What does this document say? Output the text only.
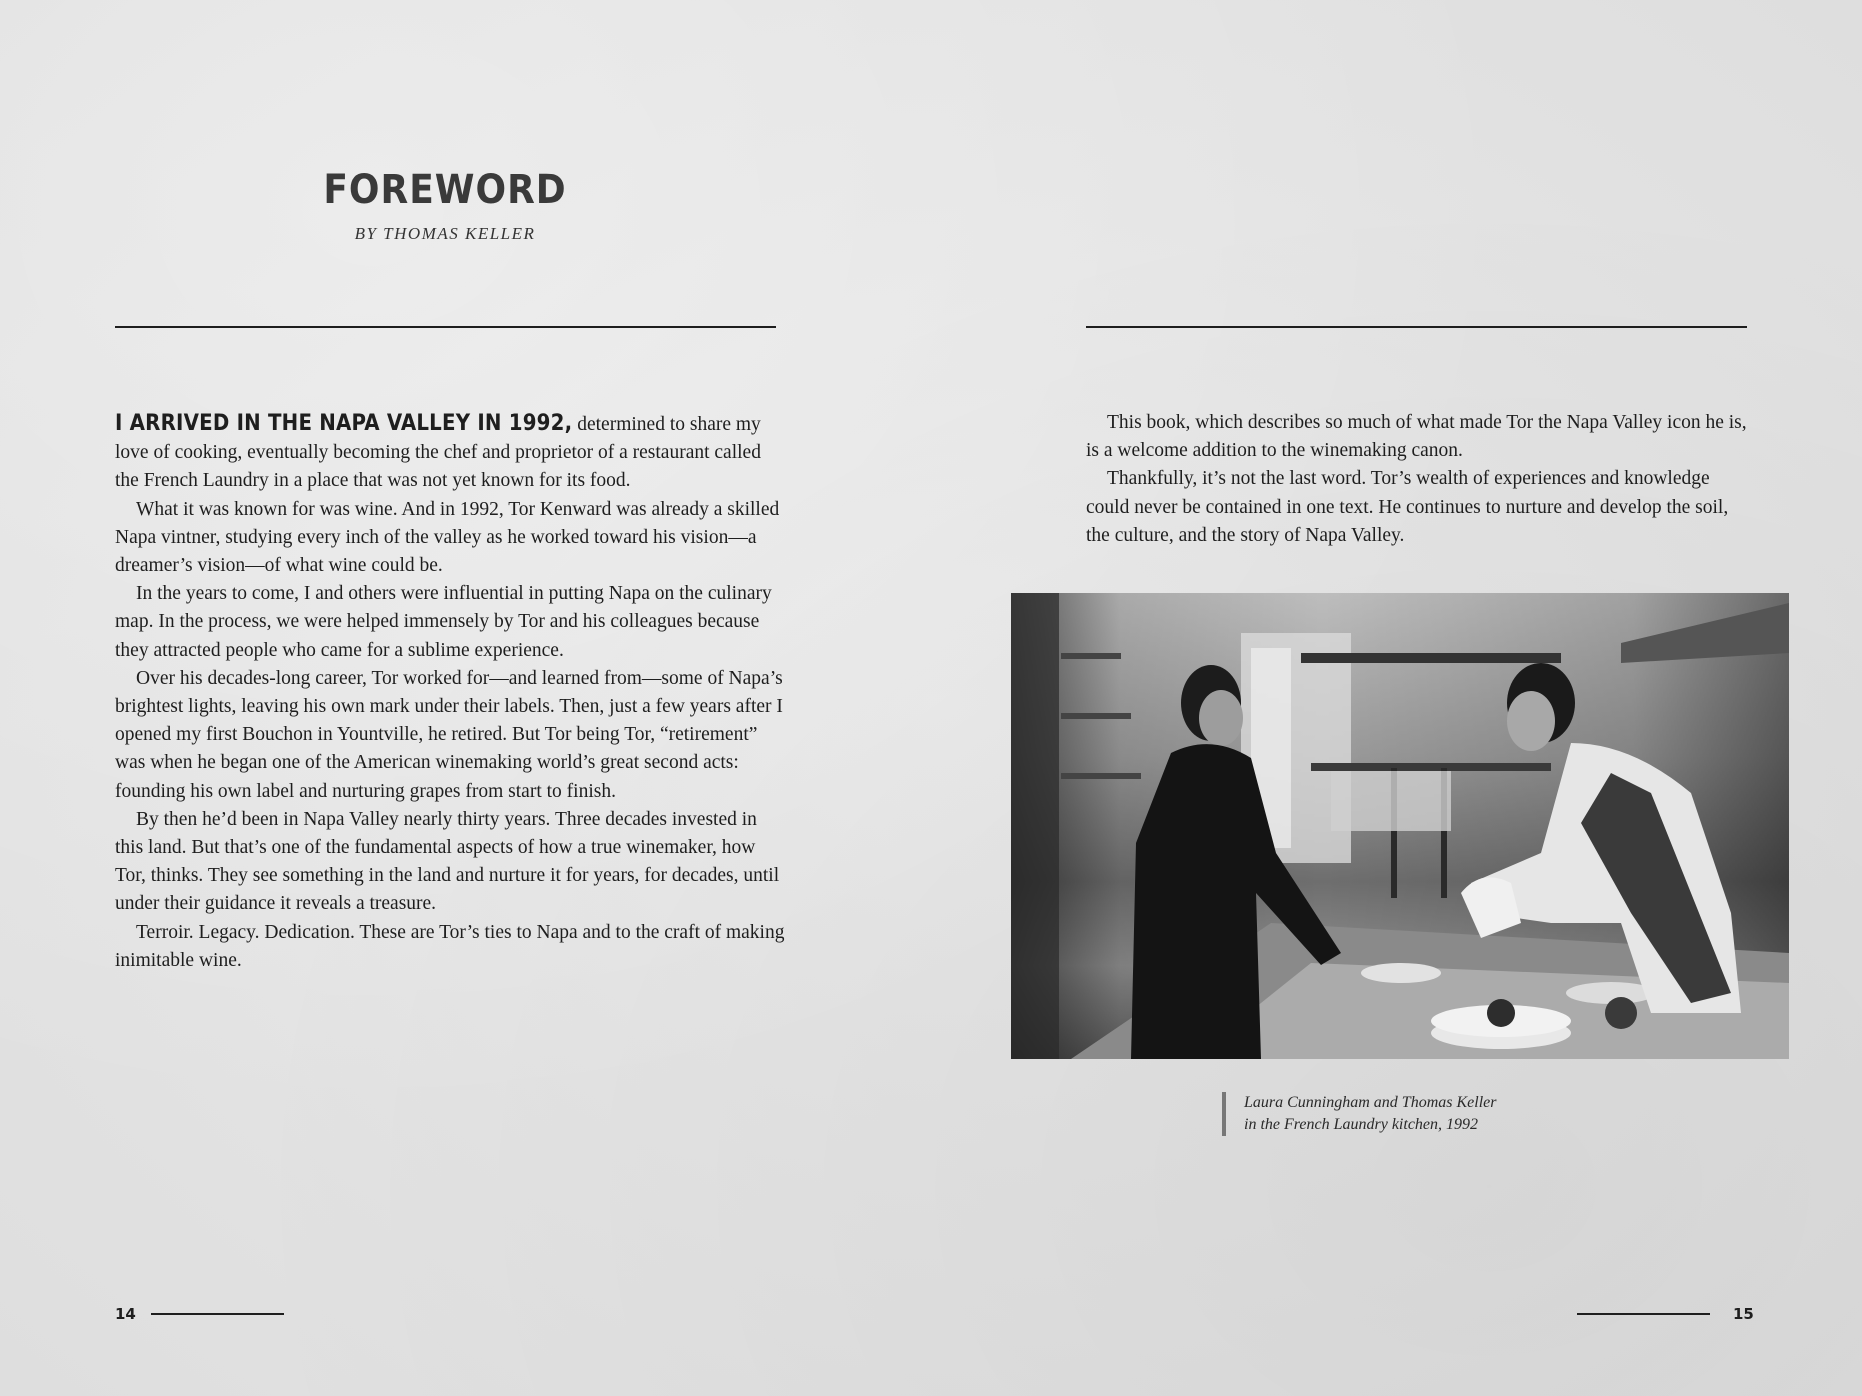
FOREWORD
BY THOMAS KELLER

I ARRIVED IN THE NAPA VALLEY IN 1992, determined to share my love of cooking, eventually becoming the chef and proprietor of a restaurant called the French Laundry in a place that was not yet known for its food.

What it was known for was wine. And in 1992, Tor Kenward was already a skilled Napa vintner, studying every inch of the valley as he worked toward his vision—a dreamer’s vision—of what wine could be.

In the years to come, I and others were influential in putting Napa on the culinary map. In the process, we were helped immensely by Tor and his colleagues because they attracted people who came for a sublime experience.

Over his decades-long career, Tor worked for—and learned from—some of Napa’s brightest lights, leaving his own mark under their labels. Then, just a few years after I opened my first Bouchon in Yountville, he retired. But Tor being Tor, “retirement” was when he began one of the American winemaking world’s great second acts: founding his own label and nurturing grapes from start to finish.

By then he’d been in Napa Valley nearly thirty years. Three decades invested in this land. But that’s one of the fundamental aspects of how a true winemaker, how Tor, thinks. They see something in the land and nurture it for years, for decades, until under their guidance it reveals a treasure.

Terroir. Legacy. Dedication. These are Tor’s ties to Napa and to the craft of making inimitable wine.

14

This book, which describes so much of what made Tor the Napa Valley icon he is, is a welcome addition to the winemaking canon.

Thankfully, it’s not the last word. Tor’s wealth of experiences and knowledge could never be contained in one text. He continues to nurture and develop the soil, the culture, and the story of Napa Valley.

Laura Cunningham and Thomas Keller
in the French Laundry kitchen, 1992
15
